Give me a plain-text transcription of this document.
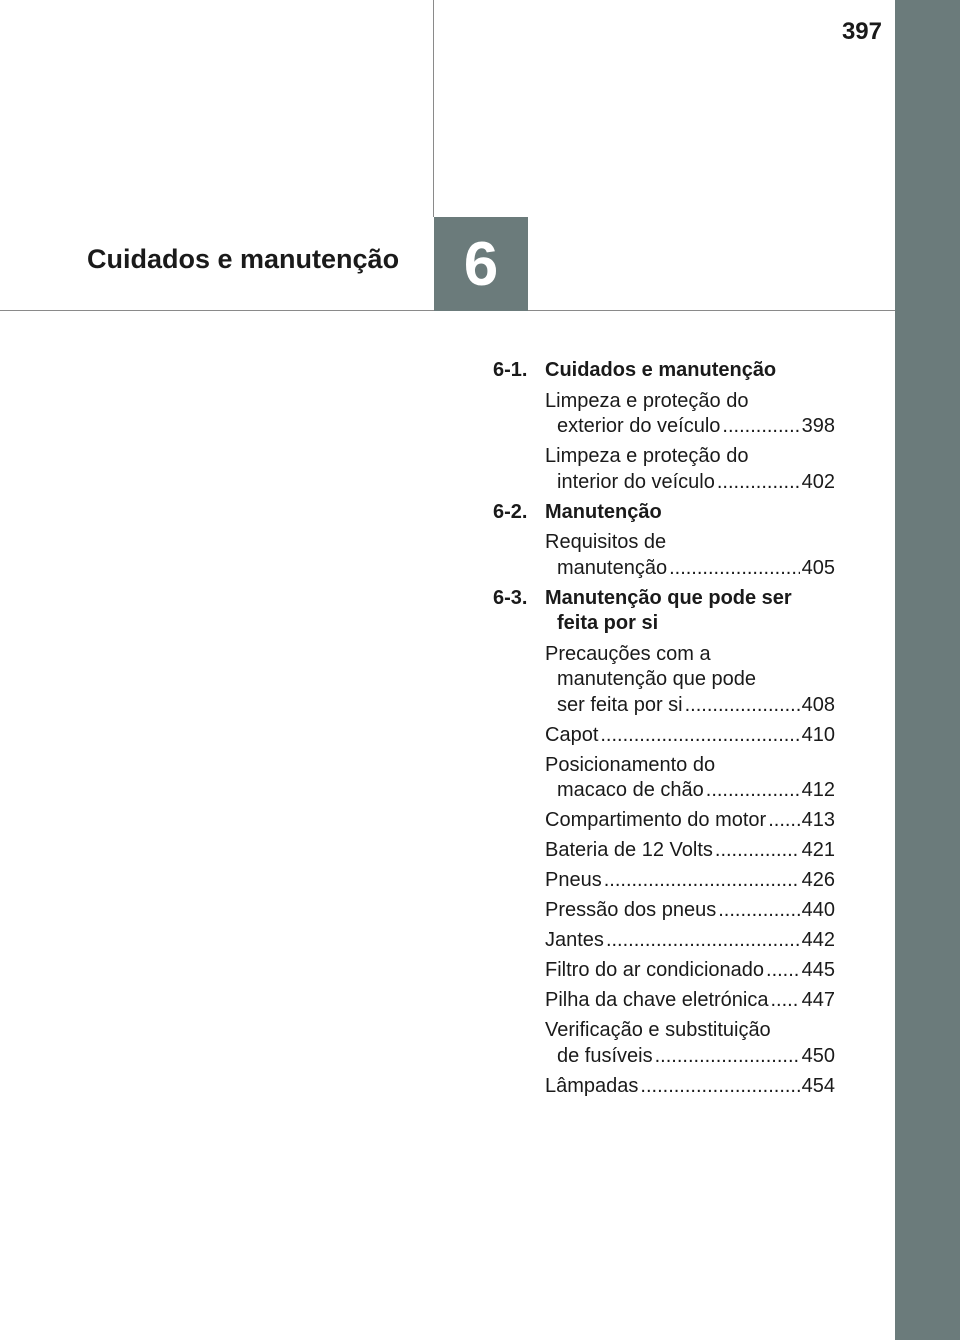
397
Cuidados e manutenção	6
6-1. Cuidados e manutenção
Limpeza e proteção do
exterior do veículo .....	398
Limpeza e proteção do
interior do veículo .....	402
6-2. Manutenção
Requisitos de
manutenção .....	405
6-3. Manutenção que pode ser
feita por si
Precauções com a
manutenção que pode
ser feita por si .....	408
Capot .....	410
Posicionamento do
macaco de chão .....	412
Compartimento do motor ..... 413
Bateria de 12 Volts .....	421
Pneus .....	426
Pressão dos pneus .....	440
Jantes .....	442
Filtro do ar condicionado ..... 445
Pilha da chave eletrónica ..... 447
Verificação e substituição
de fusíveis .....	450
Lâmpadas .....	454
